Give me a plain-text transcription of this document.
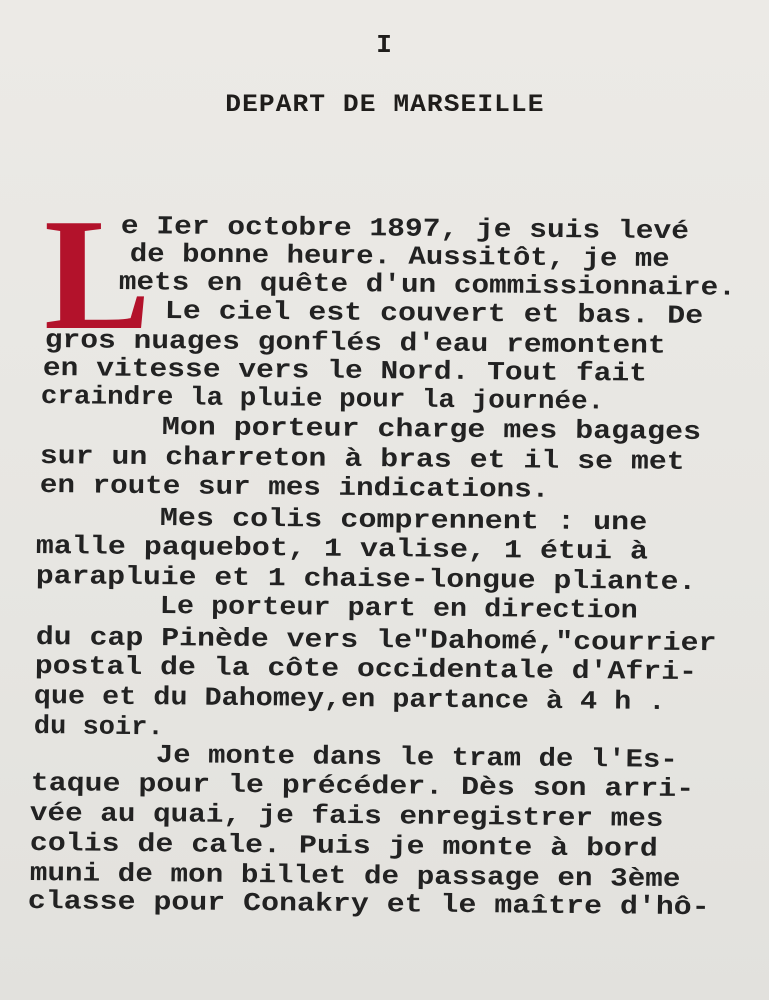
I
DEPART DE MARSEILLE
L
e Ier octobre 1897, je suis levé
de bonne heure. Aussitôt, je me
mets en quête d'un commissionnaire.
Le ciel est couvert et bas. De
gros nuages gonflés d'eau remontent
en vitesse vers le Nord. Tout fait
craindre la pluie pour la journée.
Mon porteur charge mes bagages
sur un charreton à bras et il se met
en route sur mes indications.
Mes colis comprennent : une
malle paquebot, 1 valise, 1 étui à
parapluie et 1 chaise-longue pliante.
Le porteur part en direction
du cap Pinède vers le"Dahomé,"courrier
postal de la côte occidentale d'Afri-
que et du Dahomey,en partance à 4 h .
du soir.
Je monte dans le tram de l'Es-
taque pour le précéder. Dès son arri-
vée au quai, je fais enregistrer mes
colis de cale. Puis je monte à bord
muni de mon billet de passage en 3ème
classe pour Conakry et le maître d'hô-
